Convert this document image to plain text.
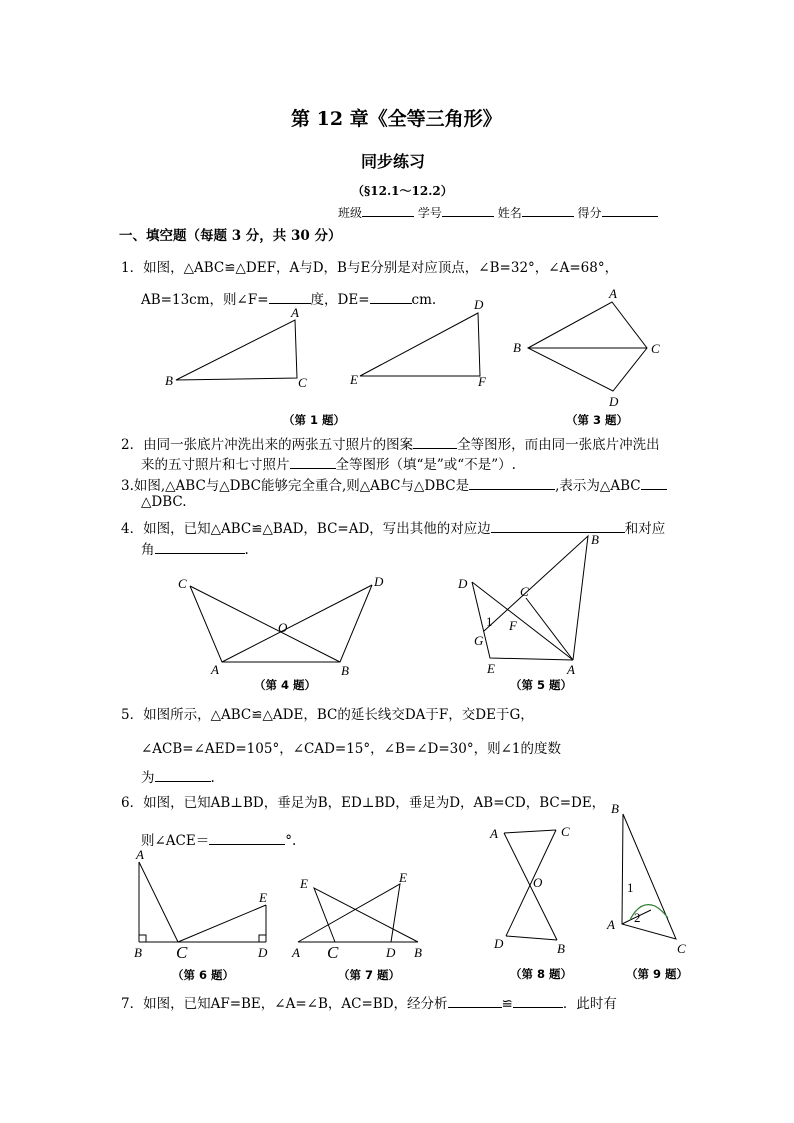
第 12 章《全等三角形》
同步练习
（§12.1～12.2）
班级	学号	姓名	得分
一、填空题（每题 3 分，共 30 分）
1．如图，△ABC≌△DEF，A与D，B与E分别是对应顶点，∠B=32°，∠A=68°，
AB=13cm，则∠F=	度，DE=	cm.
A
B	C
D
E	F
A
B	C
D
（第 1 题）	（第 3 题）
2．由同一张底片冲洗出来的两张五寸照片的图案	全等图形，而由同一张底片冲洗出
来的五寸照片和七寸照片	全等图形（填“是”或“不是”）.
3.如图,△ABC与△DBC能够完全重合,则△ABC与△DBC是	,表示为△ABC
△DBC.
4．如图，已知△ABC≌△BAD，BC=AD，写出其他的对应边	和对应
角	.
C	D
A	B
O
D
B
C
F
G
E	A
1
（第 4 题）	（第 5 题）
5．如图所示，△ABC≌△ADE，BC的延长线交DA于F，交DE于G，
∠ACB=∠AED=105°，∠CAD=15°，∠B=∠D=30°，则∠1的度数
为	.
6．如图，已知AB⊥BD，垂足为B，ED⊥BD，垂足为D，AB=CD，BC=DE，
则∠ACE＝	°.
A
B C	D
E
E	E
A C	D B
A	C
O
D	B
B
A
C
1
2
（第 6 题）	（第 7 题）	（第 8 题）	（第 9 题）
7．如图，已知AF=BE，∠A=∠B，AC=BD，经分析	≌	．此时有
